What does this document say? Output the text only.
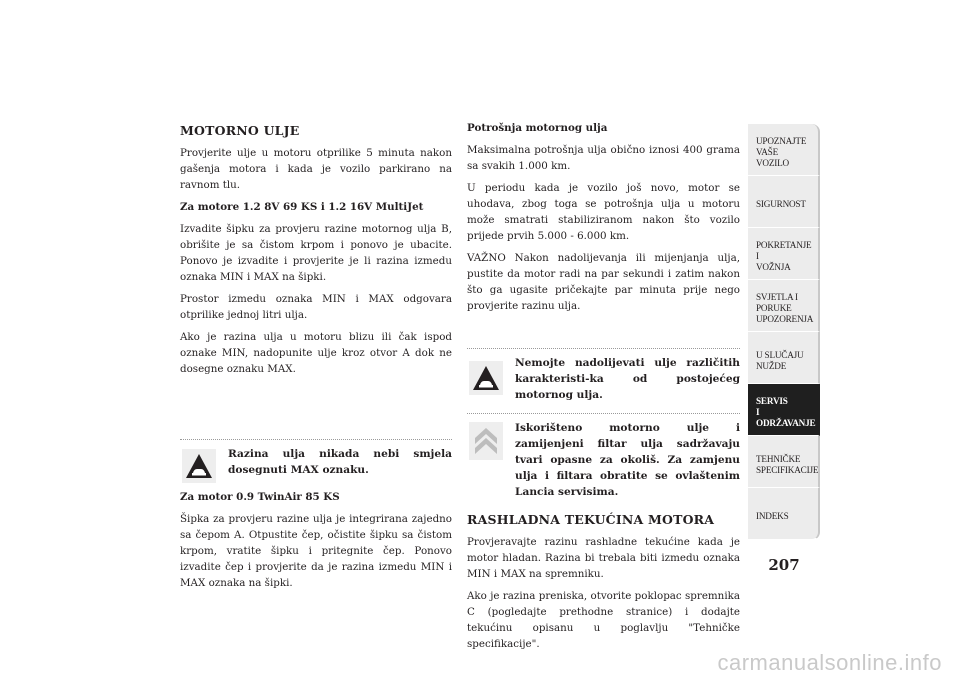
MOTORNO ULJE

Provjerite ulje u motoru otprilike 5 minuta nakon gašenja motora i kada je vozilo parkirano na ravnom tlu.

Za motore 1.2 8V 69 KS i 1.2 16V MultiJet

Izvadite šipku za provjeru razine motornog ulja B, obrišite je sa čistom krpom i ponovo je ubacite. Ponovo je izvadite i provjerite je li razina izmedu oznaka MIN i MAX na šipki.

Prostor izmedu oznaka MIN i MAX odgovara otprilike jednoj litri ulja.

Ako je razina ulja u motoru blizu ili čak ispod oznake MIN, nadopunite ulje kroz otvor A dok ne dosegne oznaku MAX.

Razina ulja nikada nebi smjela dosegnuti MAX oznaku.

Za motor 0.9 TwinAir 85 KS

Šipka za provjeru razine ulja je integrirana zajedno sa čepom A. Otpustite čep, očistite šipku sa čistom krpom, vratite šipku i pritegnite čep. Ponovo izvadite čep i provjerite da je razina izmedu MIN i MAX oznaka na šipki.

Potrošnja motornog ulja

Maksimalna potrošnja ulja obično iznosi 400 grama sa svakih 1.000 km.

U periodu kada je vozilo još novo, motor se uhodava, zbog toga se potrošnja ulja u motoru može smatrati stabiliziranom nakon što vozilo prijede prvih 5.000 - 6.000 km.

VAŽNO Nakon nadolijevanja ili mijenjanja ulja, pustite da motor radi na par sekundi i zatim nakon što ga ugasite pričekajte par minuta prije nego provjerite razinu ulja.

Nemojte nadolijevati ulje različitih karakteristi-ka od postojećeg motornog ulja.
Iskorišteno motorno ulje i zamijenjeni filtar ulja sadržavaju tvari opasne za okoliš. Za zamjenu ulja i filtara obratite se ovlaštenim Lancia servisima.
RASHLADNA TEKUĆINA MOTORA

Provjeravajte razinu rashladne tekućine kada je motor hladan. Razina bi trebala biti izmedu oznaka MIN i MAX na spremniku.

Ako je razina preniska, otvorite poklopac spremnika C (pogledajte prethodne stranice) i dodajte tekućinu opisanu u poglavlju "Tehničke specifikacije".

UPOZNAJTE
VAŠE
VOZILO
SIGURNOST
POKRETANJE
I
VOŽNJA
SVJETLA I
PORUKE
UPOZORENJA
U SLUČAJU
NUŽDE
SERVIS
I
ODRŽAVANJE
TEHNIČKE
SPECIFIKACIJE
INDEKS
207
carmanualsonline.info
